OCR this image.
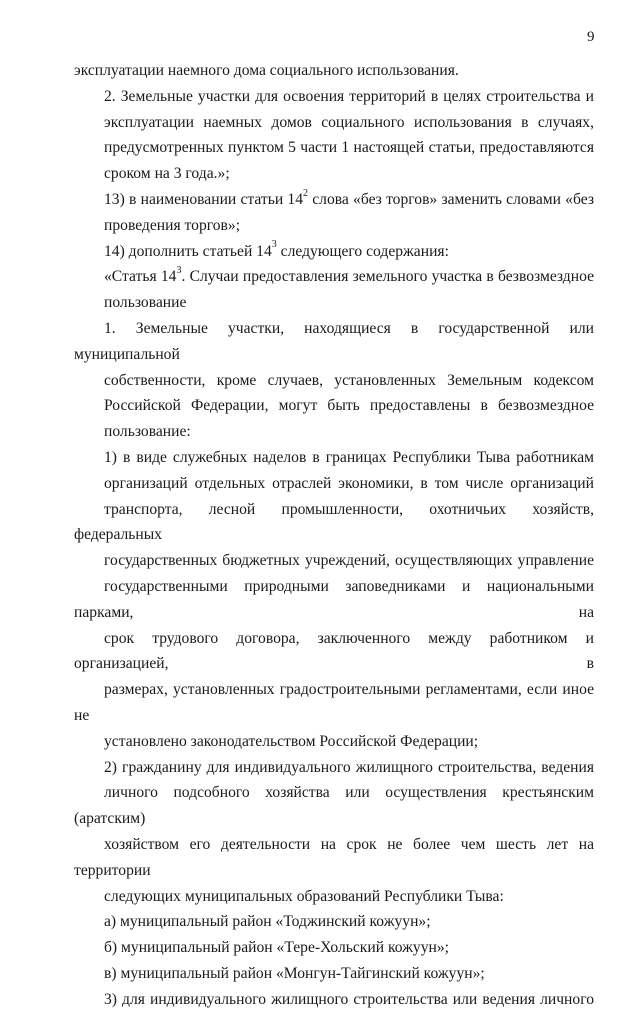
9

эксплуатации наемного дома социального использования.

2. Земельные участки для освоения территорий в целях строительства и
эксплуатации наемных домов социального использования в случаях,
предусмотренных пунктом 5 части 1 настоящей статьи, предоставляются
сроком на 3 года.»;

13) в наименовании статьи $14^2$ слова «без торгов» заменить словами «без
проведения торгов»;

14) дополнить статьей $14^3$ следующего содержания:

«Статья $14^3$. Случаи предоставления земельного участка в безвозмездное
пользование

1. Земельные участки, находящиеся в государственной или муниципальной
собственности, кроме случаев, установленных Земельным кодексом
Российской Федерации, могут быть предоставлены в безвозмездное
пользование:

1) в виде служебных наделов в границах Республики Тыва работникам
организаций отдельных отраслей экономики, в том числе организаций
транспорта, лесной промышленности, охотничьих хозяйств, федеральных
государственных бюджетных учреждений, осуществляющих управление
государственными природными заповедниками и национальными парками, на
срок трудового договора, заключенного между работником и организацией, в
размерах, установленных градостроительными регламентами, если иное не
установлено законодательством Российской Федерации;

2) гражданину для индивидуального жилищного строительства, ведения
личного подсобного хозяйства или осуществления крестьянским (аратским)
хозяйством его деятельности на срок не более чем шесть лет на территории
следующих муниципальных образований Республики Тыва:

а) муниципальный район «Тоджинский кожуун»;

б) муниципальный район «Тере-Хольский кожуун»;

в) муниципальный район «Монгун-Тайгинский кожуун»;

3) для индивидуального жилищного строительства или ведения личного
